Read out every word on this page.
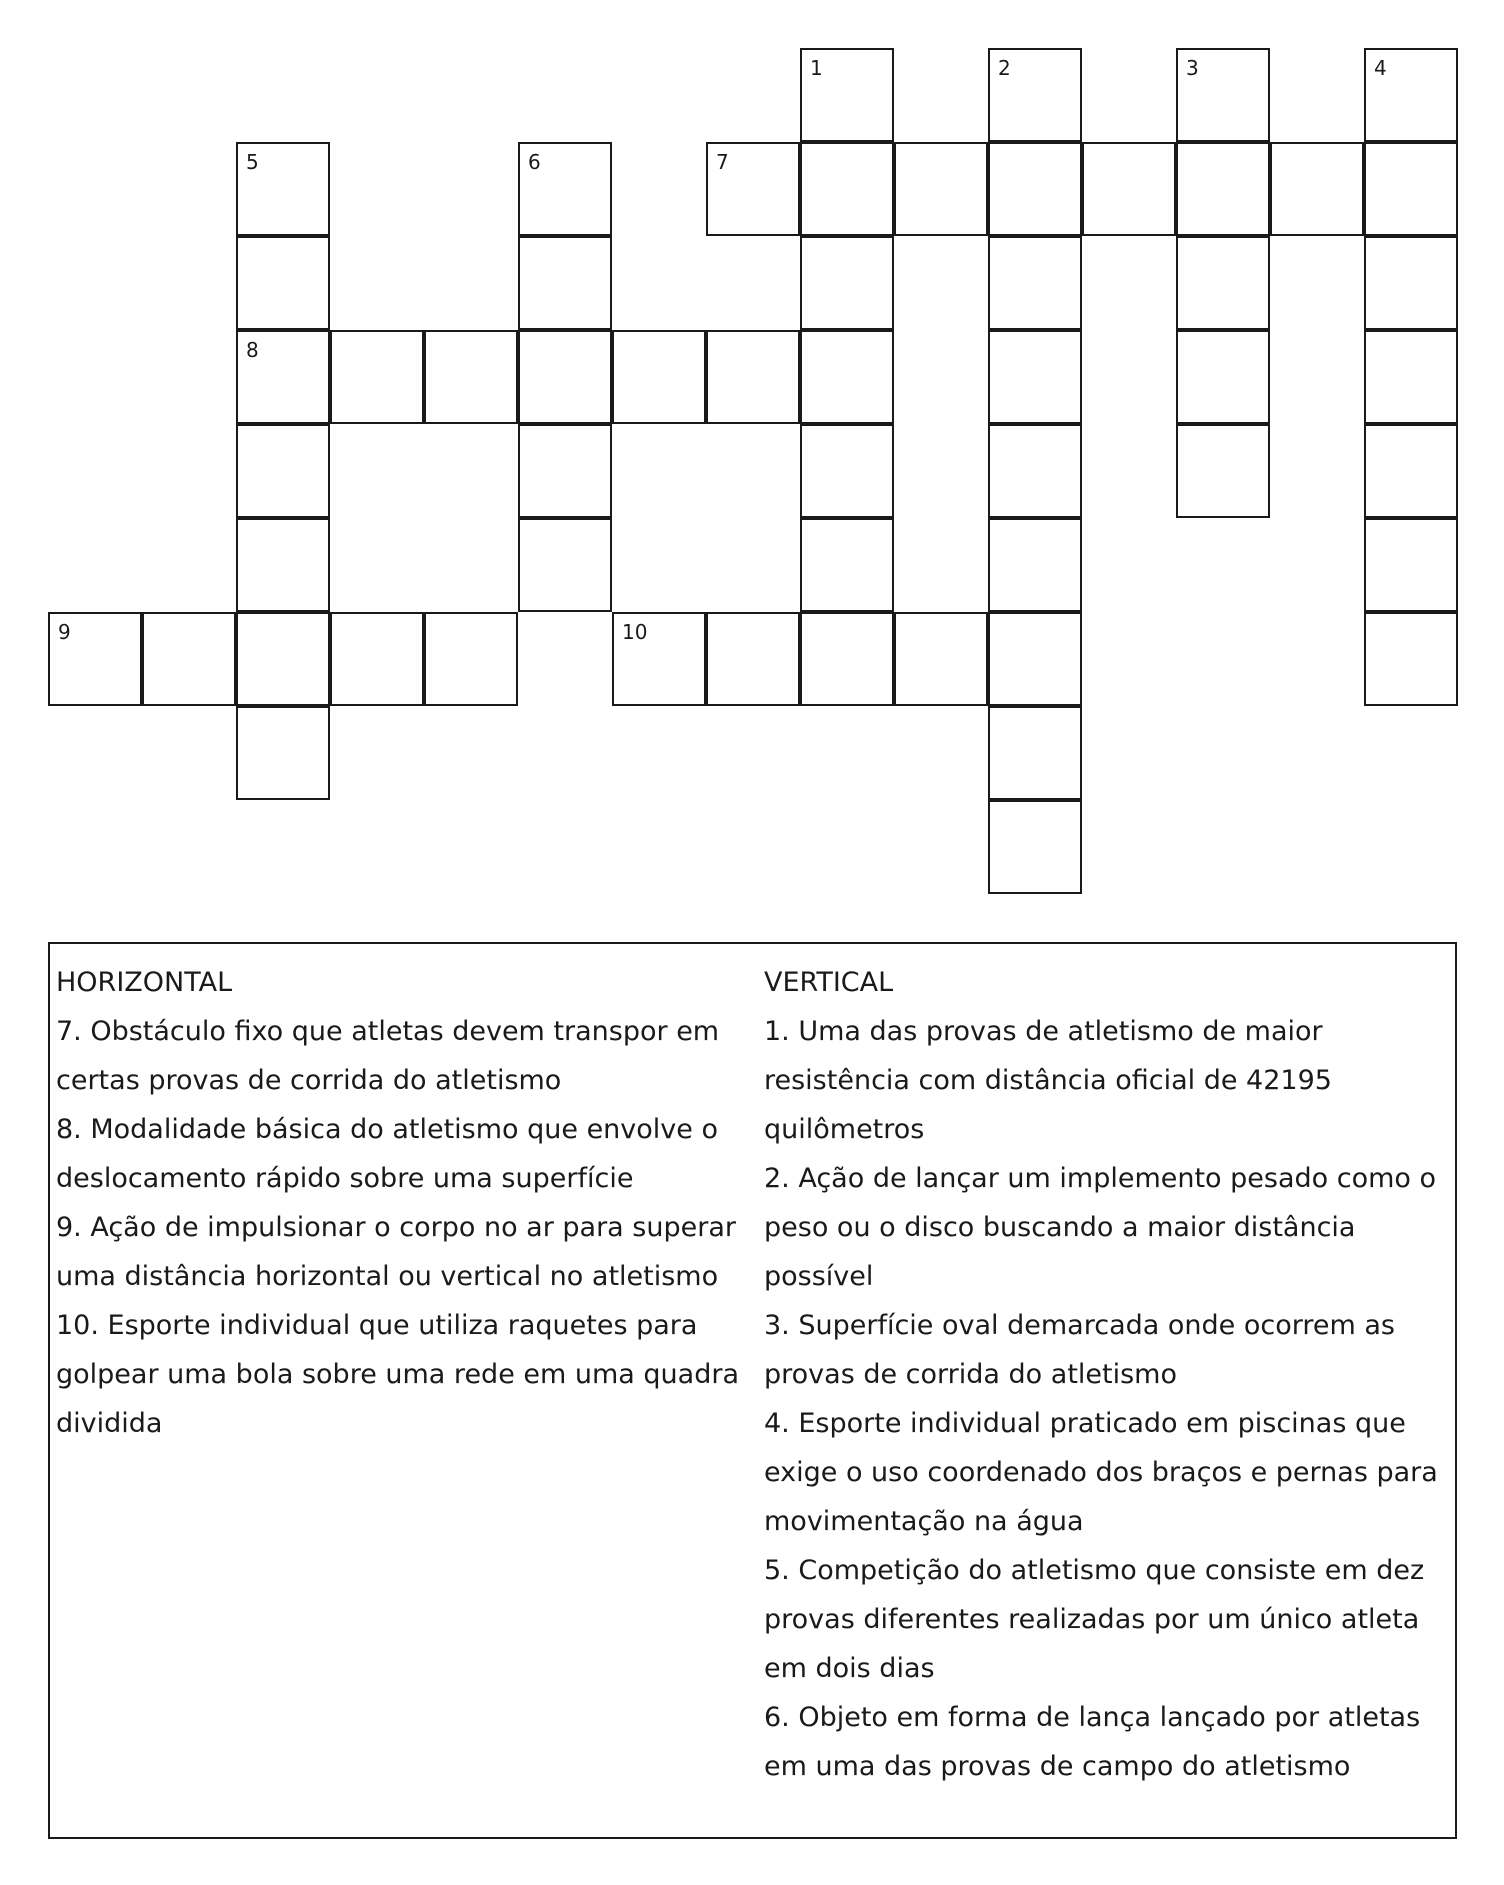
1	2	3	4
5
8
6	7
9	10
HORIZONTAL
7. Obstáculo fixo que atletas devem transpor em certas provas de corrida do atletismo
8. Modalidade básica do atletismo que envolve o deslocamento rápido sobre uma superfície
9. Ação de impulsionar o corpo no ar para superar uma distância horizontal ou vertical no atletismo
10. Esporte individual que utiliza raquetes para golpear uma bola sobre uma rede em uma quadra dividida
VERTICAL
1. Uma das provas de atletismo de maior resistência com distância oficial de 42195 quilômetros
2. Ação de lançar um implemento pesado como o peso ou o disco buscando a maior distância possível
3. Superfície oval demarcada onde ocorrem as provas de corrida do atletismo
4. Esporte individual praticado em piscinas que exige o uso coordenado dos braços e pernas para movimentação na água
5. Competição do atletismo que consiste em dez provas diferentes realizadas por um único atleta em dois dias
6. Objeto em forma de lança lançado por atletas em uma das provas de campo do atletismo
